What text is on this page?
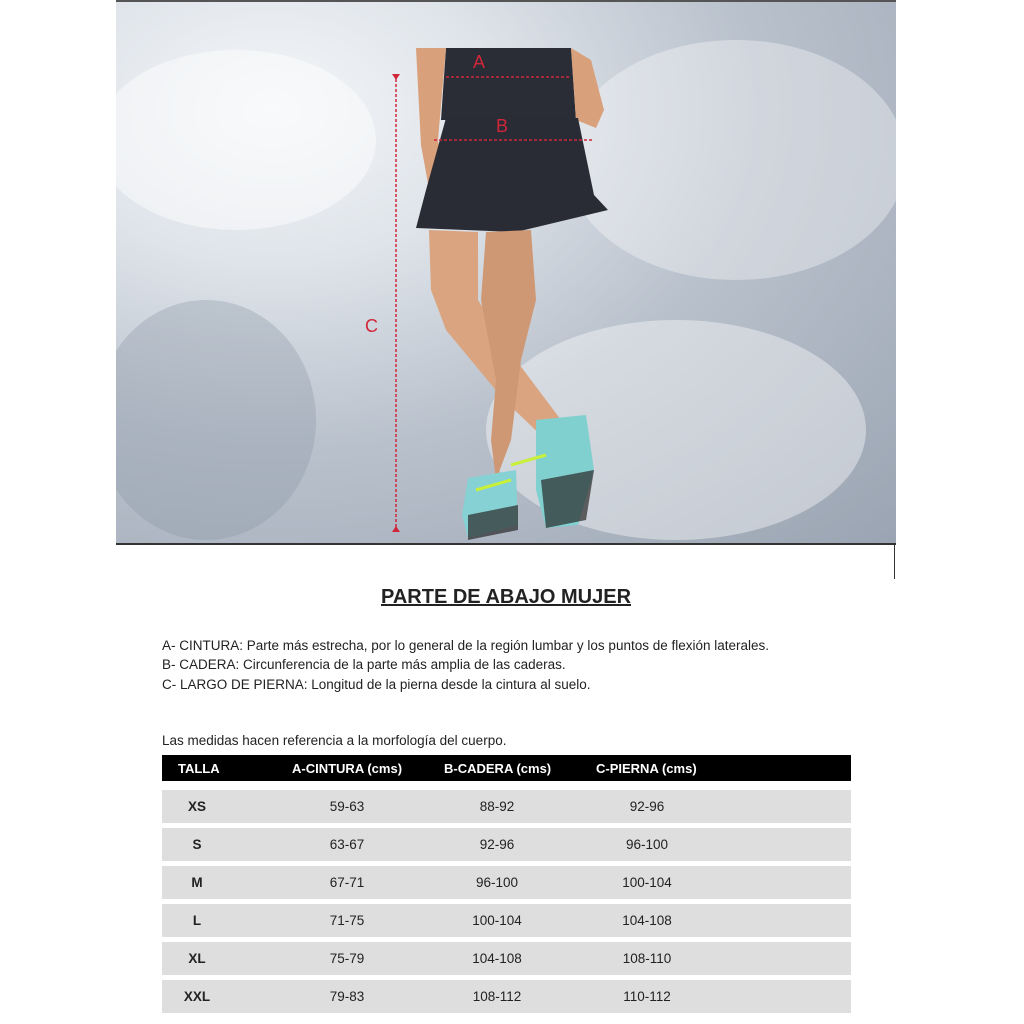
A
B
C
PARTE DE ABAJO MUJER
A- CINTURA: Parte más estrecha, por lo general de la región lumbar y los puntos de flexión laterales.
B- CADERA: Circunferencia de la parte más amplia de las caderas.
C- LARGO DE PIERNA: Longitud de la pierna desde la cintura al suelo.
Las medidas hacen referencia a la morfología del cuerpo.
TALLA	A-CINTURA (cms)	B-CADERA (cms)	C-PIERNA (cms)
XS	59-63	88-92	92-96
S	63-67	92-96	96-100
M	67-71	96-100	100-104
L	71-75	100-104	104-108
XL	75-79	104-108	108-110
XXL	79-83	108-112	110-112
